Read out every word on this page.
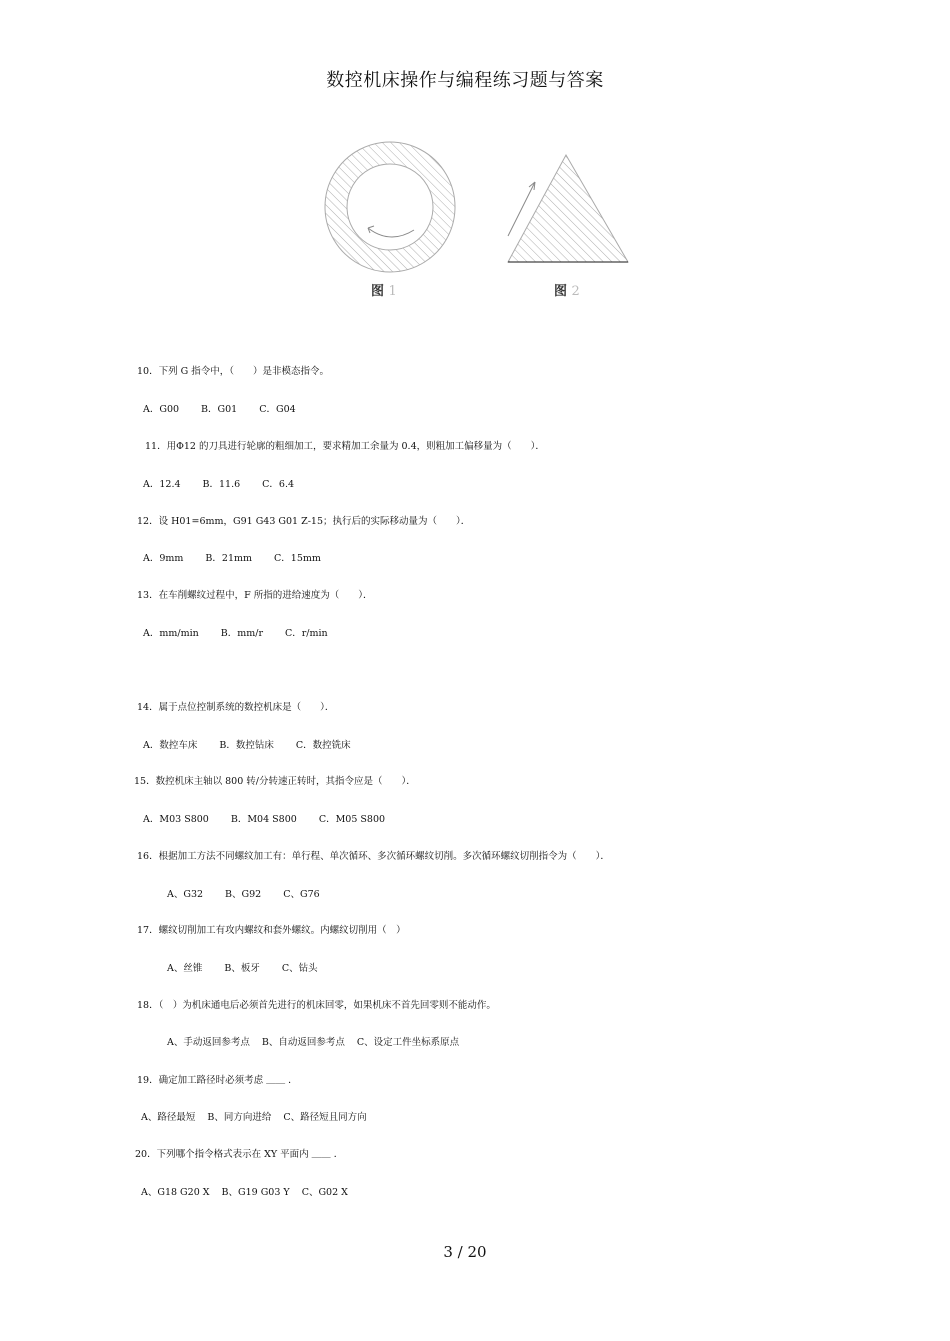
数控机床操作与编程练习题与答案
图 1	图 2
10．下列 G 指令中，（　　）是非模态指令。
A．G00 B．G01 C．G04
11．用Φ12 的刀具进行轮廓的粗细加工，要求精加工余量为 0.4，则粗加工偏移量为（　　）．
A．12.4 B．11.6 C．6.4
12．设 H01=6mm，G91 G43 G01 Z-15；执行后的实际移动量为（　　）．
A．9mm B．21mm C．15mm
13．在车削螺纹过程中，F 所指的进给速度为（　　）．
A．mm/min B．mm/r C．r/min
14．属于点位控制系统的数控机床是（　　）．
A．数控车床 B．数控钻床 C．数控铣床
15．数控机床主轴以 800 转/分转速正转时，其指令应是（　　）．
A．M03 S800 B．M04 S800 C．M05 S800
16．根据加工方法不同螺纹加工有：单行程、单次循环、多次循环螺纹切削。多次循环螺纹切削指令为（　　）．
A、G32 B、G92 C、G76
17．螺纹切削加工有攻内螺纹和套外螺纹。内螺纹切削用（　）
A、丝锥 B、板牙 C、钻头
18．（　）为机床通电后必须首先进行的机床回零，如果机床不首先回零则不能动作。
A、手动返回参考点 B、自动返回参考点 C、设定工件坐标系原点
19．确定加工路径时必须考虑 ＿＿ ．
A、路径最短 B、同方向进给 C、路径短且同方向
20．下列哪个指令格式表示在 XY 平面内 ＿＿ ．
A、G18 G20 X B、G19 G03 Y C、G02 X
3 / 20
